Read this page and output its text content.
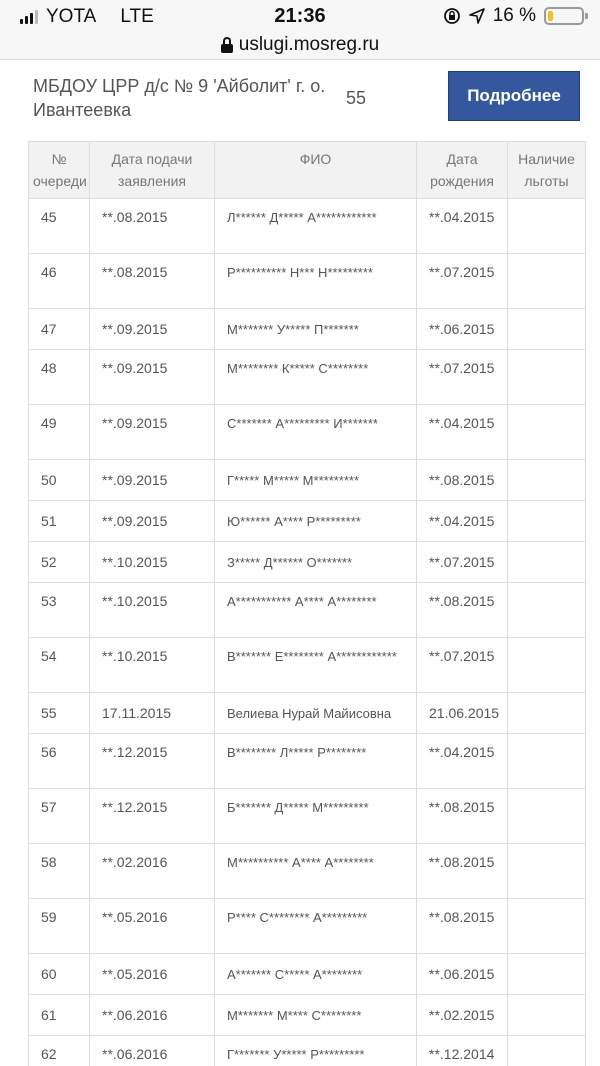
YOTA LTE	21:36	16 %
uslugi.mosreg.ru
МБДОУ ЦРР д/с № 9 'Айболит' г. о. Ивантеевка
55	Подробнее
№ очереди	Дата подачи заявления	ФИО	Дата рождения	Наличие льготы
45	**.08.2015	Л****** Д***** А************	**.04.2015	
46	**.08.2015	Р********** Н*** Н*********	**.07.2015	
47	**.09.2015	М******* У***** П*******	**.06.2015	
48	**.09.2015	М******** К***** С********	**.07.2015	
49	**.09.2015	С******* А********* И*******	**.04.2015	
50	**.09.2015	Г***** М***** М*********	**.08.2015	
51	**.09.2015	Ю****** А**** Р*********	**.04.2015	
52	**.10.2015	З***** Д****** О*******	**.07.2015	
53	**.10.2015	А*********** А**** А********	**.08.2015	
54	**.10.2015	В******* Е******** А************	**.07.2015	
55	17.11.2015	Велиева Нурай Майисовна	21.06.2015	
56	**.12.2015	В******** Л***** Р********	**.04.2015	
57	**.12.2015	Б******* Д***** М*********	**.08.2015	
58	**.02.2016	М********** А**** А********	**.08.2015	
59	**.05.2016	Р**** С******** А*********	**.08.2015	
60	**.05.2016	А******* С***** А********	**.06.2015	
61	**.06.2016	М******* М**** С********	**.02.2015	
62	**.06.2016	Г******* У***** Р*********	**.12.2014	
